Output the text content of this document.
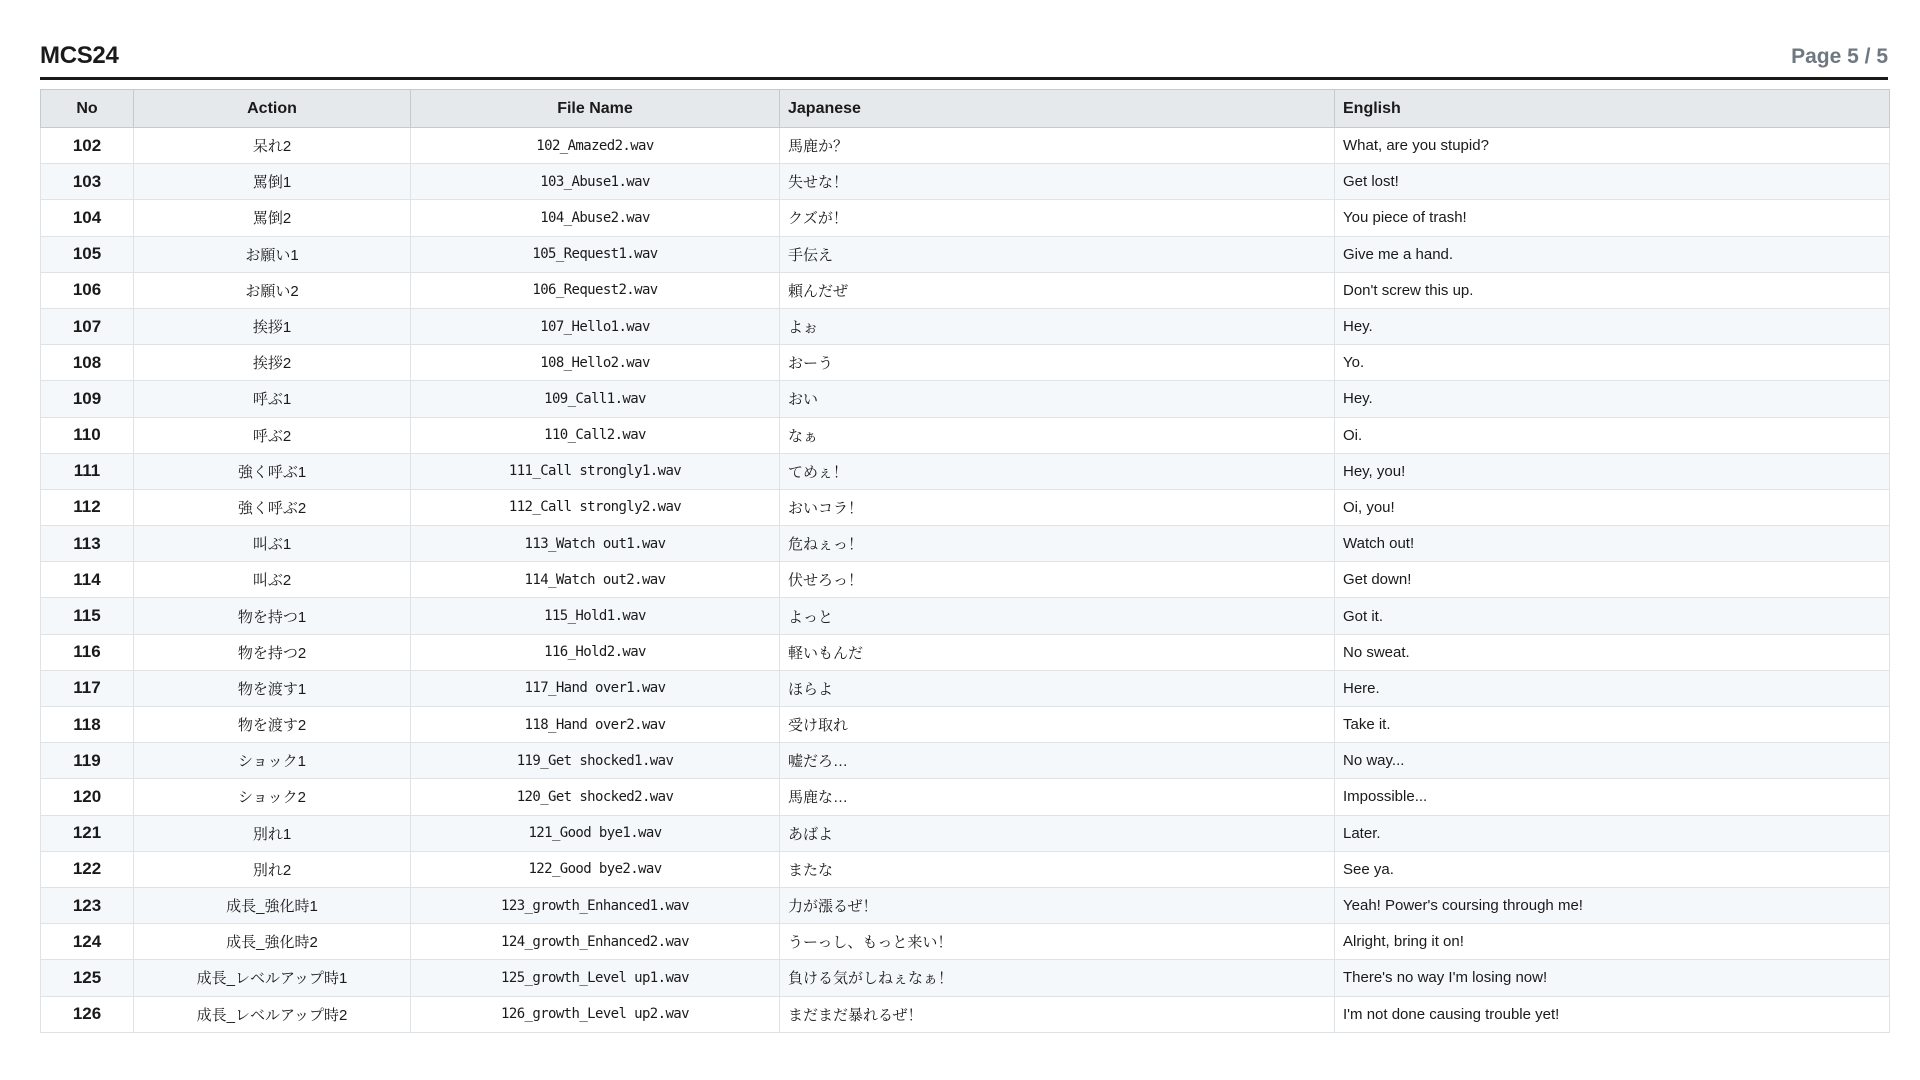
MCS24	Page 5 / 5
No	Action	File Name	Japanese	English
102	呆れ2	102_Amazed2.wav	馬鹿か？	What, are you stupid?
103	罵倒1	103_Abuse1.wav	失せな！	Get lost!
104	罵倒2	104_Abuse2.wav	クズが！	You piece of trash!
105	お願い1	105_Request1.wav	手伝え	Give me a hand.
106	お願い2	106_Request2.wav	頼んだぜ	Don't screw this up.
107	挨拶1	107_Hello1.wav	よぉ	Hey.
108	挨拶2	108_Hello2.wav	おーう	Yo.
109	呼ぶ1	109_Call1.wav	おい	Hey.
110	呼ぶ2	110_Call2.wav	なぁ	Oi.
111	強く呼ぶ1	111_Call strongly1.wav	てめぇ！	Hey, you!
112	強く呼ぶ2	112_Call strongly2.wav	おいコラ！	Oi, you!
113	叫ぶ1	113_Watch out1.wav	危ねぇっ！	Watch out!
114	叫ぶ2	114_Watch out2.wav	伏せろっ！	Get down!
115	物を持つ1	115_Hold1.wav	よっと	Got it.
116	物を持つ2	116_Hold2.wav	軽いもんだ	No sweat.
117	物を渡す1	117_Hand over1.wav	ほらよ	Here.
118	物を渡す2	118_Hand over2.wav	受け取れ	Take it.
119	ショック1	119_Get shocked1.wav	嘘だろ…	No way...
120	ショック2	120_Get shocked2.wav	馬鹿な…	Impossible...
121	別れ1	121_Good bye1.wav	あばよ	Later.
122	別れ2	122_Good bye2.wav	またな	See ya.
123	成長_強化時1	123_growth_Enhanced1.wav	力が漲るぜ！	Yeah! Power's coursing through me!
124	成長_強化時2	124_growth_Enhanced2.wav	うーっし、もっと来い！	Alright, bring it on!
125	成長_レベルアップ時1	125_growth_Level up1.wav	負ける気がしねぇなぁ！	There's no way I'm losing now!
126	成長_レベルアップ時2	126_growth_Level up2.wav	まだまだ暴れるぜ！	I'm not done causing trouble yet!
